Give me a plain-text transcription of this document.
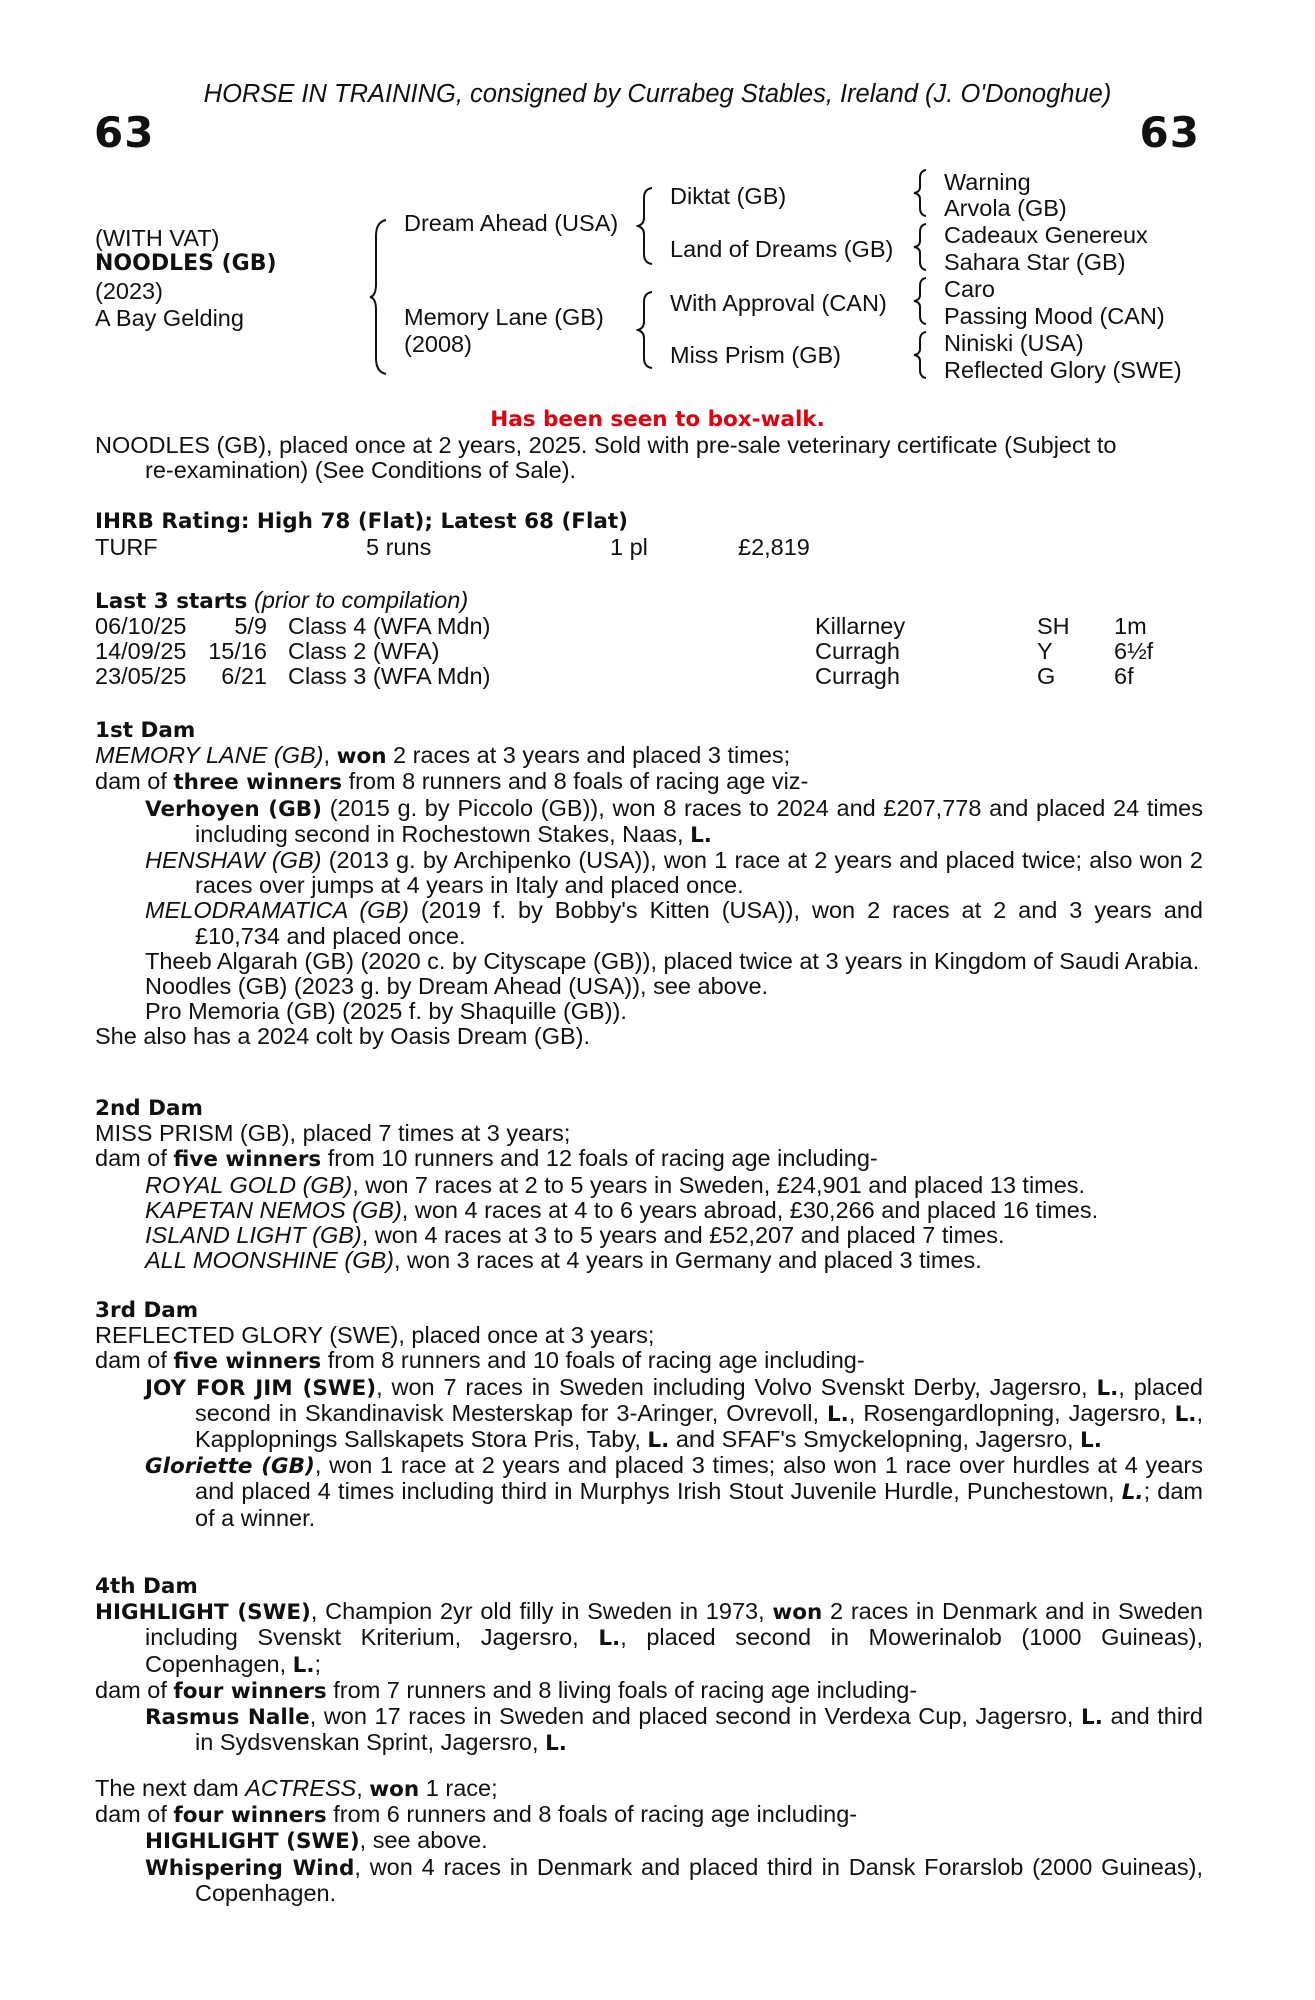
HORSE IN TRAINING, consigned by Currabeg Stables, Ireland (J. O'Donoghue)
63	63
(WITH VAT)
NOODLES (GB)
(2023)
A Bay Gelding
Dream Ahead (USA)
Memory Lane (GB)
(2008)
Diktat (GB)
Land of Dreams (GB)
With Approval (CAN)
Miss Prism (GB)
Warning
Arvola (GB)
Cadeaux Genereux
Sahara Star (GB)
Caro
Passing Mood (CAN)
Niniski (USA)
Reflected Glory (SWE)
Has been seen to box-walk.
NOODLES (GB), placed once at 2 years, 2025. Sold with pre-sale veterinary certificate (Subject to
re-examination) (See Conditions of Sale).
IHRB Rating: High 78 (Flat); Latest 68 (Flat)
TURF	5 runs	1 pl	£2,819
Last 3 starts (prior to compilation)
06/10/25	5/9 Class 4 (WFA Mdn)	Killarney	SH 1m
14/09/25 15/16 Class 2 (WFA)	Curragh	Y	6½f
23/05/25	6/21 Class 3 (WFA Mdn)	Curragh	G 6f
1st Dam
MEMORY LANE (GB), won 2 races at 3 years and placed 3 times;
dam of three winners from 8 runners and 8 foals of racing age viz-
Verhoyen (GB) (2015 g. by Piccolo (GB)), won 8 races to 2024 and £207,778 and placed 24 times including second in Rochestown Stakes, Naas, L.
HENSHAW (GB) (2013 g. by Archipenko (USA)), won 1 race at 2 years and placed twice; also won 2 races over jumps at 4 years in Italy and placed once.
MELODRAMATICA (GB) (2019 f. by Bobby's Kitten (USA)), won 2 races at 2 and 3 years and £10,734 and placed once.
Theeb Algarah (GB) (2020 c. by Cityscape (GB)), placed twice at 3 years in Kingdom of Saudi Arabia.
Noodles (GB) (2023 g. by Dream Ahead (USA)), see above.
Pro Memoria (GB) (2025 f. by Shaquille (GB)).
She also has a 2024 colt by Oasis Dream (GB).
2nd Dam
MISS PRISM (GB), placed 7 times at 3 years;
dam of five winners from 10 runners and 12 foals of racing age including-
ROYAL GOLD (GB), won 7 races at 2 to 5 years in Sweden, £24,901 and placed 13 times.
KAPETAN NEMOS (GB), won 4 races at 4 to 6 years abroad, £30,266 and placed 16 times.
ISLAND LIGHT (GB), won 4 races at 3 to 5 years and £52,207 and placed 7 times.
ALL MOONSHINE (GB), won 3 races at 4 years in Germany and placed 3 times.
3rd Dam
REFLECTED GLORY (SWE), placed once at 3 years;
dam of five winners from 8 runners and 10 foals of racing age including-
JOY FOR JIM (SWE), won 7 races in Sweden including Volvo Svenskt Derby, Jagersro, L., placed second in Skandinavisk Mesterskap for 3-Aringer, Ovrevoll, L., Rosengardlopning, Jagersro, L., Kapplopnings Sallskapets Stora Pris, Taby, L. and SFAF's Smyckelopning, Jagersro, L.
Gloriette (GB), won 1 race at 2 years and placed 3 times; also won 1 race over hurdles at 4 years and placed 4 times including third in Murphys Irish Stout Juvenile Hurdle, Punchestown, L.; dam of a winner.
4th Dam
HIGHLIGHT (SWE), Champion 2yr old filly in Sweden in 1973, won 2 races in Denmark and in Sweden including Svenskt Kriterium, Jagersro, L., placed second in Mowerinalob (1000 Guineas), Copenhagen, L.;
dam of four winners from 7 runners and 8 living foals of racing age including-
Rasmus Nalle, won 17 races in Sweden and placed second in Verdexa Cup, Jagersro, L. and third in Sydsvenskan Sprint, Jagersro, L.
The next dam ACTRESS, won 1 race;
dam of four winners from 6 runners and 8 foals of racing age including-
HIGHLIGHT (SWE), see above.
Whispering Wind, won 4 races in Denmark and placed third in Dansk Forarslob (2000 Guineas), Copenhagen.
